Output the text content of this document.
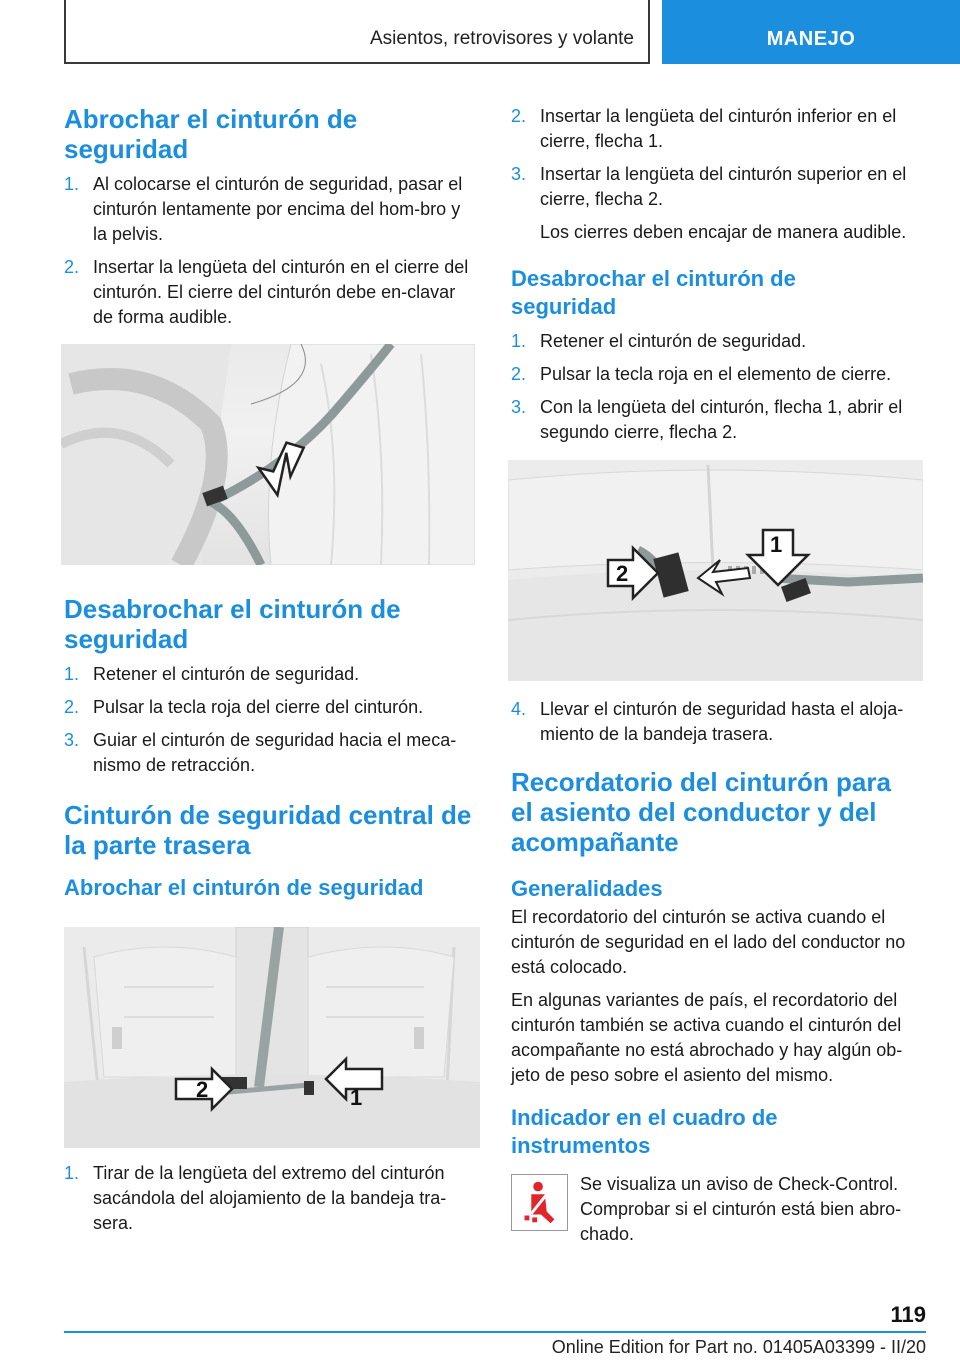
Asientos, retrovisores y volante	MANEJO
Abrochar el cinturón de seguridad
1. Al colocarse el cinturón de seguridad, pasar el cinturón lentamente por encima del hom‐bro y la pelvis.
2. Insertar la lengüeta del cinturón en el cierre del cinturón. El cierre del cinturón debe en‐clavar de forma audible.
Desabrochar el cinturón de seguridad
1. Retener el cinturón de seguridad.
2. Pulsar la tecla roja del cierre del cinturón.
3. Guiar el cinturón de seguridad hacia el meca‐nismo de retracción.
Cinturón de seguridad central de la parte trasera
Abrochar el cinturón de seguridad
2	1
1. Tirar de la lengüeta del extremo del cinturón sacándola del alojamiento de la bandeja tra‐sera.
2. Insertar la lengüeta del cinturón inferior en el cierre, flecha 1.
3. Insertar la lengüeta del cinturón superior en el cierre, flecha 2.

Los cierres deben encajar de manera audible.

Desabrochar el cinturón de seguridad
1. Retener el cinturón de seguridad.
2. Pulsar la tecla roja en el elemento de cierre.
3. Con la lengüeta del cinturón, flecha 1, abrir el segundo cierre, flecha 2.
1
2
4. Llevar el cinturón de seguridad hasta el aloja‐miento de la bandeja trasera.
Recordatorio del cinturón para el asiento del conductor y del acompañante
Generalidades

El recordatorio del cinturón se activa cuando el cinturón de seguridad en el lado del conductor no está colocado.

En algunas variantes de país, el recordatorio del cinturón también se activa cuando el cinturón del acompañante no está abrochado y hay algún ob‐jeto de peso sobre el asiento del mismo.

Indicador en el cuadro de instrumentos

Se visualiza un aviso de Check-Control. Comprobar si el cinturón está bien abro‐chado.

119
Online Edition for Part no. 01405A03399 - II/20
